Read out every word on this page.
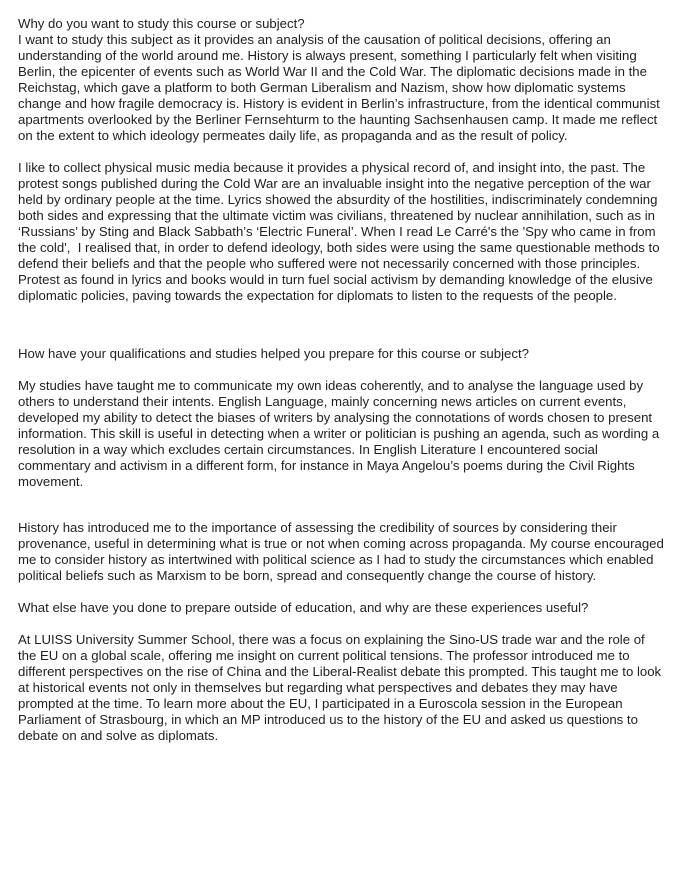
Why do you want to study this course or subject?

I want to study this subject as it provides an analysis of the causation of political decisions, offering an understanding of the world around me. History is always present, something I particularly felt when visiting Berlin, the epicenter of events such as World War II and the Cold War. The diplomatic decisions made in the Reichstag, which gave a platform to both German Liberalism and Nazism, show how diplomatic systems change and how fragile democracy is. History is evident in Berlin’s infrastructure, from the identical communist apartments overlooked by the Berliner Fernsehturm to the haunting Sachsenhausen camp. It made me reflect on the extent to which ideology permeates daily life, as propaganda and as the result of policy.

I like to collect physical music media because it provides a physical record of, and insight into, the past. The protest songs published during the Cold War are an invaluable insight into the negative perception of the war held by ordinary people at the time. Lyrics showed the absurdity of the hostilities, indiscriminately condemning both sides and expressing that the ultimate victim was civilians, threatened by nuclear annihilation, such as in ‘Russians’ by Sting and Black Sabbath’s ‘Electric Funeral’. When I read Le Carré's the 'Spy who came in from the cold',  I realised that, in order to defend ideology, both sides were using the same questionable methods to defend their beliefs and that the people who suffered were not necessarily concerned with those principles. Protest as found in lyrics and books would in turn fuel social activism by demanding knowledge of the elusive diplomatic policies, paving towards the expectation for diplomats to listen to the requests of the people.

How have your qualifications and studies helped you prepare for this course or subject?

My studies have taught me to communicate my own ideas coherently, and to analyse the language used by others to understand their intents. English Language, mainly concerning news articles on current events, developed my ability to detect the biases of writers by analysing the connotations of words chosen to present information. This skill is useful in detecting when a writer or politician is pushing an agenda, such as wording a resolution in a way which excludes certain circumstances. In English Literature I encountered social commentary and activism in a different form, for instance in Maya Angelou’s poems during the Civil Rights movement.

History has introduced me to the importance of assessing the credibility of sources by considering their provenance, useful in determining what is true or not when coming across propaganda. My course encouraged me to consider history as intertwined with political science as I had to study the circumstances which enabled political beliefs such as Marxism to be born, spread and consequently change the course of history.

What else have you done to prepare outside of education, and why are these experiences useful?

At LUISS University Summer School, there was a focus on explaining the Sino-US trade war and the role of the EU on a global scale, offering me insight on current political tensions. The professor introduced me to different perspectives on the rise of China and the Liberal-Realist debate this prompted. This taught me to look at historical events not only in themselves but regarding what perspectives and debates they may have prompted at the time. To learn more about the EU, I participated in a Euroscola session in the European Parliament of Strasbourg, in which an MP introduced us to the history of the EU and asked us questions to debate on and solve as diplomats.
